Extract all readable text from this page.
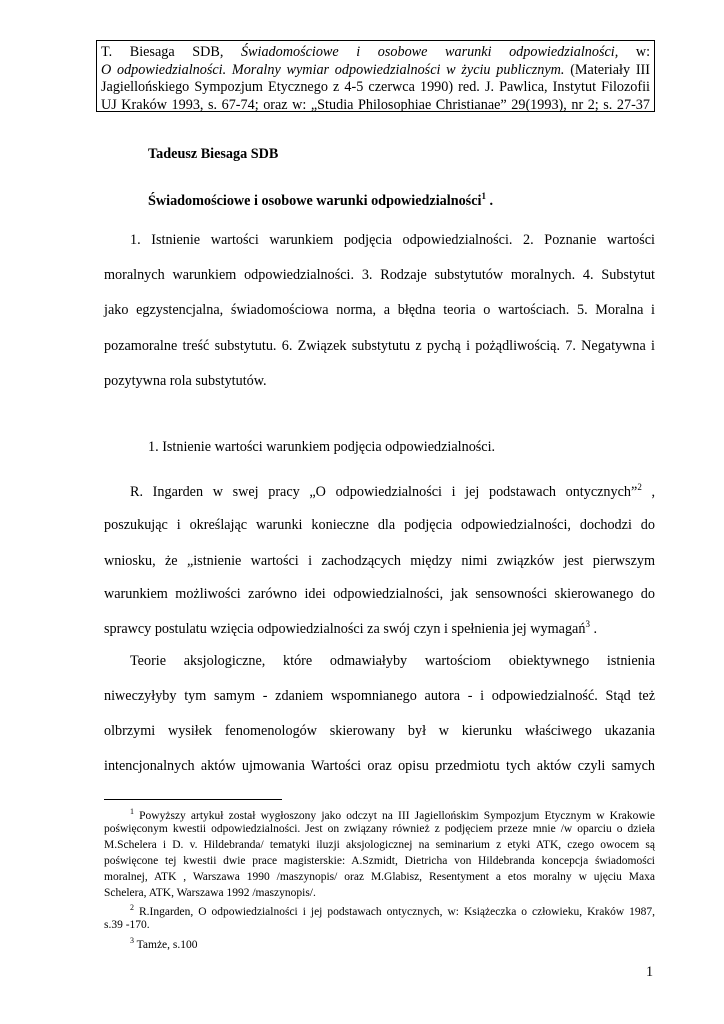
T. Biesaga SDB, Świadomościowe i osobowe warunki odpowiedzialności, w:
O odpowiedzialności. Moralny wymiar odpowiedzialności w życiu publicznym. (Materiały III
Jagiellońskiego Sympozjum Etycznego z 4-5 czerwca 1990) red. J. Pawlica, Instytut Filozofii
UJ Kraków 1993, s. 67-74; oraz w: „Studia Philosophiae Christianae” 29(1993), nr 2; s. 27-37
Tadeusz Biesaga SDB
Świadomościowe i osobowe warunki odpowiedzialności$^1$ .
1. Istnienie wartości warunkiem podjęcia odpowiedzialności. 2. Poznanie wartości
moralnych warunkiem odpowiedzialności. 3. Rodzaje substytutów moralnych. 4. Substytut
jako egzystencjalna, świadomościowa norma, a błędna teoria o wartościach. 5. Moralna i
pozamoralne treść substytutu. 6. Związek substytutu z pychą i pożądliwością. 7. Negatywna i
pozytywna rola substytutów.
1. Istnienie wartości warunkiem podjęcia odpowiedzialności.
R. Ingarden w swej pracy „O odpowiedzialności i jej podstawach ontycznych”$^2$ ,
poszukując i określając warunki konieczne dla podjęcia odpowiedzialności, dochodzi do
wniosku, że „istnienie wartości i zachodzących między nimi związków jest pierwszym
warunkiem możliwości zarówno idei odpowiedzialności, jak sensowności skierowanego do
sprawcy postulatu wzięcia odpowiedzialności za swój czyn i spełnienia jej wymagań$^3$ .
Teorie aksjologiczne, które odmawiałyby wartościom obiektywnego istnienia
niweczyłyby tym samym - zdaniem wspomnianego autora - i odpowiedzialność. Stąd też
olbrzymi wysiłek fenomenologów skierowany był w kierunku właściwego ukazania
intencjonalnych aktów ujmowania Wartości oraz opisu przedmiotu tych aktów czyli samych
$^1$ Powyższy artykuł został wygłoszony jako odczyt na III Jagiellońskim Sympozjum Etycznym w Krakowie
poświęconym kwestii odpowiedzialności. Jest on związany również z podjęciem przeze mnie /w oparciu o dzieła
M.Schelera i D. v. Hildebranda/ tematyki iluzji aksjologicznej na seminarium z etyki ATK, czego owocem są
poświęcone tej kwestii dwie prace magisterskie: A.Szmidt, Dietricha von Hildebranda koncepcja świadomości
moralnej, ATK , Warszawa 1990 /maszynopis/ oraz M.Glabisz, Resentyment a etos moralny w ujęciu Maxa
Schelera, ATK, Warszawa 1992 /maszynopis/.
$^2$ R.Ingarden, O odpowiedzialności i jej podstawach ontycznych, w: Książeczka o człowieku, Kraków 1987,
s.39 -170.
$^3$ Tamże, s.100
1
